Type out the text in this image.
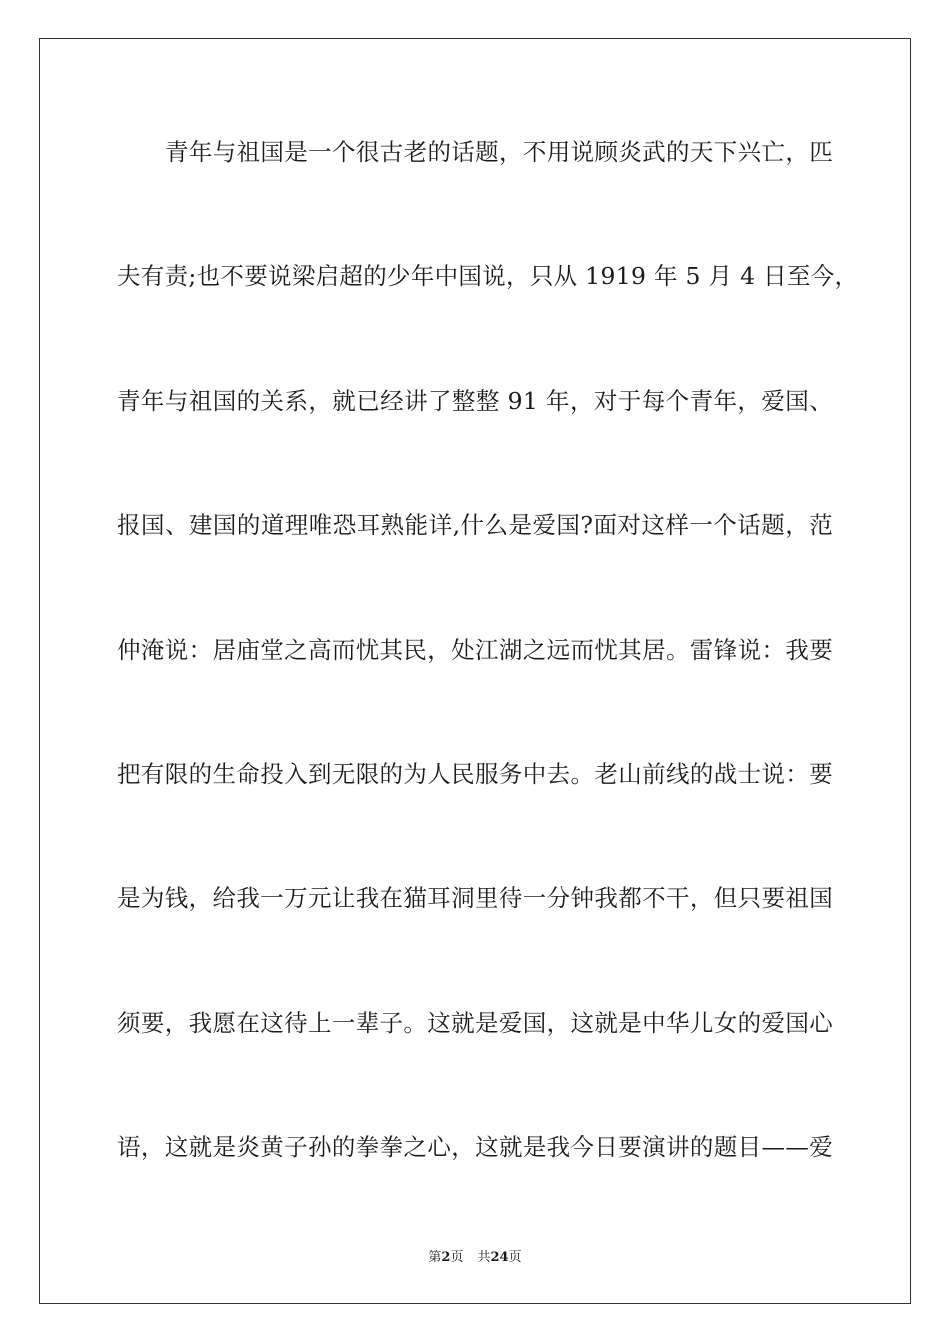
青年与祖国是一个很古老的话题，不用说顾炎武的天下兴亡，匹
夫有责;也不要说梁启超的少年中国说，只从 1919 年 5 月 4 日至今，
青年与祖国的关系，就已经讲了整整 91 年，对于每个青年，爱国、
报国、建国的道理唯恐耳熟能详,什么是爱国?面对这样一个话题，范
仲淹说：居庙堂之高而忧其民，处江湖之远而忧其居。雷锋说：我要
把有限的生命投入到无限的为人民服务中去。老山前线的战士说：要
是为钱，给我一万元让我在猫耳洞里待一分钟我都不干，但只要祖国
须要，我愿在这待上一辈子。这就是爱国，这就是中华儿女的爱国心
语，这就是炎黄子孙的拳拳之心，这就是我今日要演讲的题目——爱
第2页 共24页
